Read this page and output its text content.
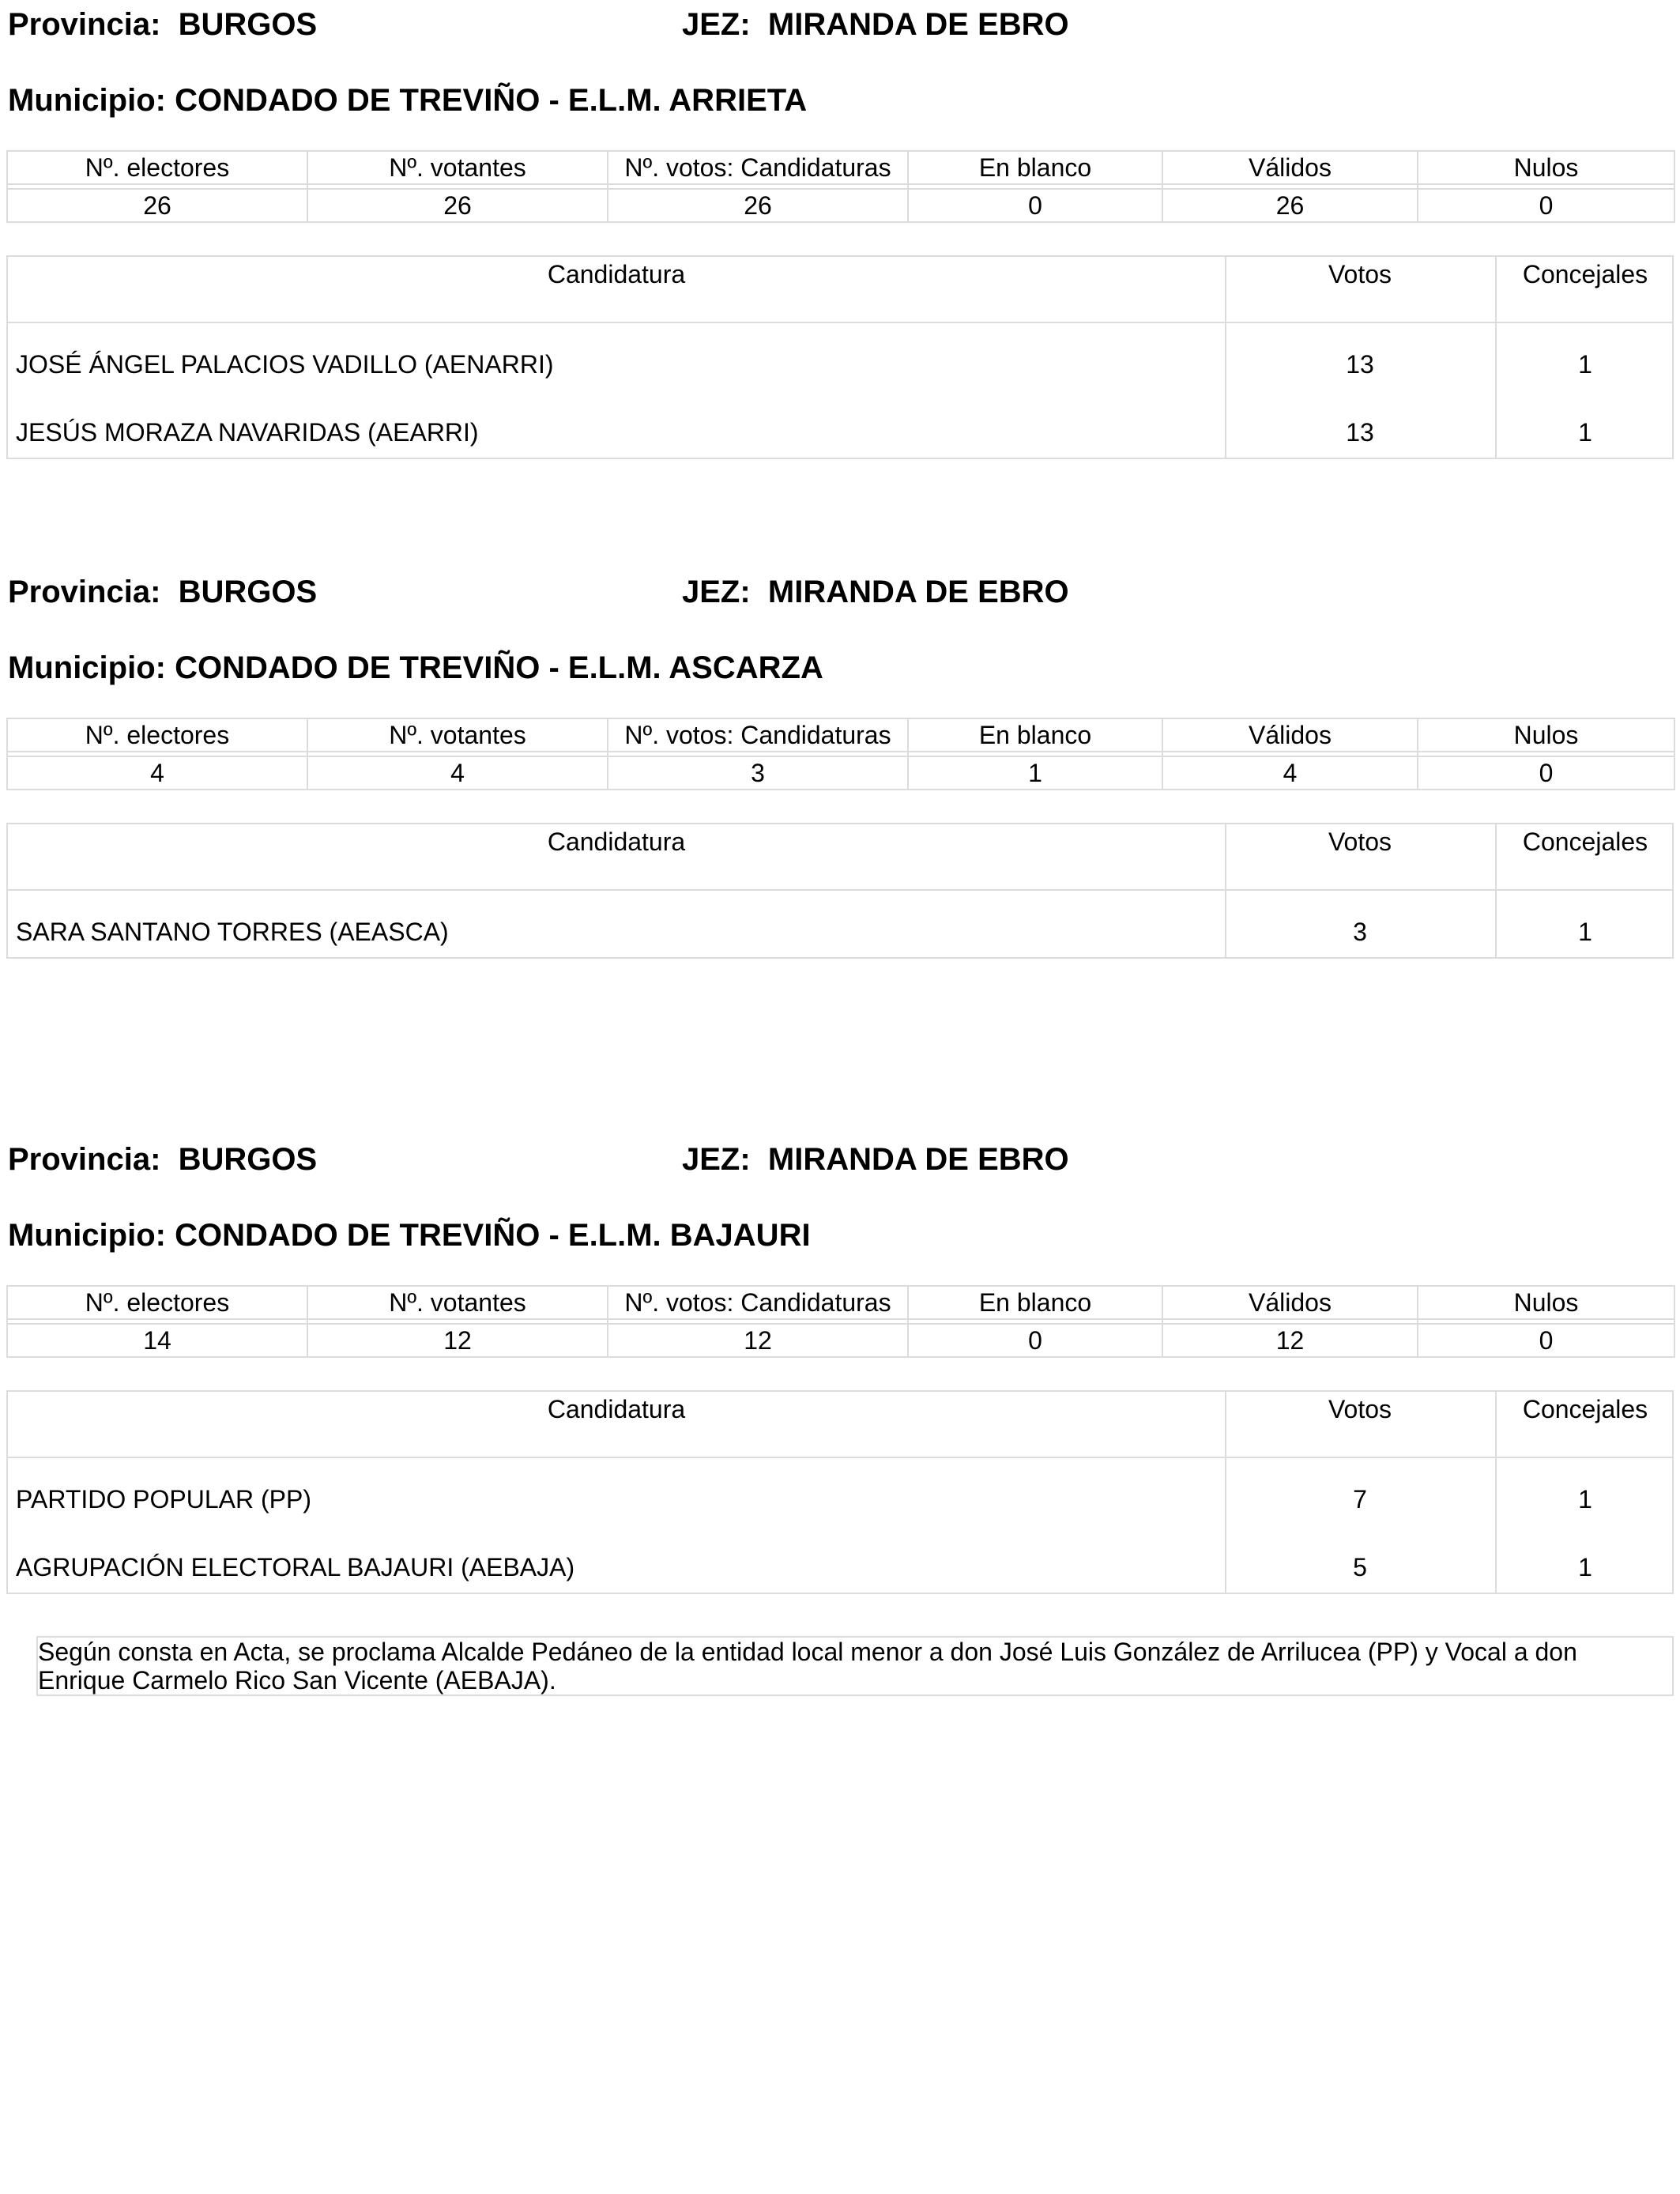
Provincia: BURGOS	JEZ: MIRANDA DE EBRO
Municipio: CONDADO DE TREVIÑO - E.L.M. ARRIETA
Nº. electores	Nº. votantes	Nº. votos: Candidaturas	En blanco	Válidos	Nulos

26	26	26	0	26	0
Candidatura	Votos	Concejales
JOSÉ ÁNGEL PALACIOS VADILLO (AENARRI)	13	1
JESÚS MORAZA NAVARIDAS (AEARRI)	13	1
Provincia: BURGOS	JEZ: MIRANDA DE EBRO
Municipio: CONDADO DE TREVIÑO - E.L.M. ASCARZA
Nº. electores	Nº. votantes	Nº. votos: Candidaturas	En blanco	Válidos	Nulos

4	4	3	1	4	0
Candidatura	Votos	Concejales
SARA SANTANO TORRES (AEASCA)	3	1
Provincia: BURGOS	JEZ: MIRANDA DE EBRO
Municipio: CONDADO DE TREVIÑO - E.L.M. BAJAURI
Nº. electores	Nº. votantes	Nº. votos: Candidaturas	En blanco	Válidos	Nulos

14	12	12	0	12	0
Candidatura	Votos	Concejales
PARTIDO POPULAR (PP)	7	1
AGRUPACIÓN ELECTORAL BAJAURI (AEBAJA)	5	1
Según consta en Acta, se proclama Alcalde Pedáneo de la entidad local menor a don José Luis González de Arrilucea (PP) y Vocal a don
Enrique Carmelo Rico San Vicente (AEBAJA).
